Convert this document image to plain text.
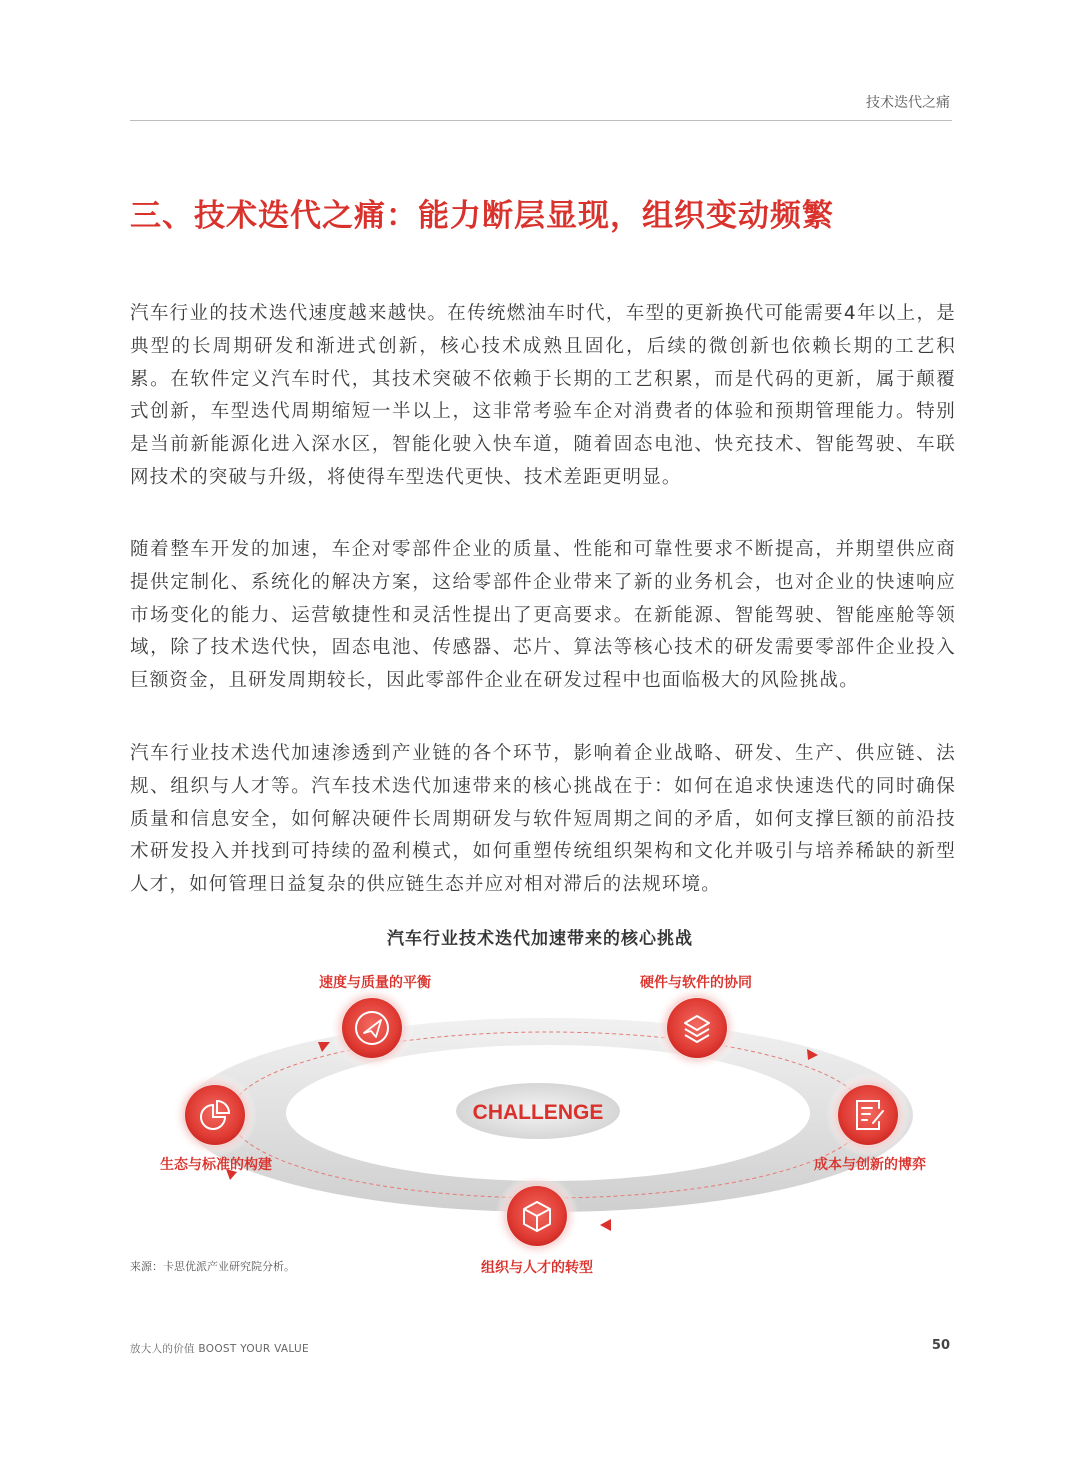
技术迭代之痛
三、技术迭代之痛：能力断层显现，组织变动频繁

汽车行业的技术迭代速度越来越快。在传统燃油车时代，车型的更新换代可能需要4年以上，是典型的长周期研发和渐进式创新，核心技术成熟且固化，后续的微创新也依赖长期的工艺积累。在软件定义汽车时代，其技术突破不依赖于长期的工艺积累，而是代码的更新，属于颠覆式创新，车型迭代周期缩短一半以上，这非常考验车企对消费者的体验和预期管理能力。特别是当前新能源化进入深水区，智能化驶入快车道，随着固态电池、快充技术、智能驾驶、车联网技术的突破与升级，将使得车型迭代更快、技术差距更明显。

随着整车开发的加速，车企对零部件企业的质量、性能和可靠性要求不断提高，并期望供应商提供定制化、系统化的解决方案，这给零部件企业带来了新的业务机会，也对企业的快速响应市场变化的能力、运营敏捷性和灵活性提出了更高要求。在新能源、智能驾驶、智能座舱等领域，除了技术迭代快，固态电池、传感器、芯片、算法等核心技术的研发需要零部件企业投入巨额资金，且研发周期较长，因此零部件企业在研发过程中也面临极大的风险挑战。

汽车行业技术迭代加速渗透到产业链的各个环节，影响着企业战略、研发、生产、供应链、法规、组织与人才等。汽车技术迭代加速带来的核心挑战在于：如何在追求快速迭代的同时确保质量和信息安全，如何解决硬件长周期研发与软件短周期之间的矛盾，如何支撑巨额的前沿技术研发投入并找到可持续的盈利模式，如何重塑传统组织架构和文化并吸引与培养稀缺的新型人才，如何管理日益复杂的供应链生态并应对相对滞后的法规环境。

汽车行业技术迭代加速带来的核心挑战
CHALLENGE
速度与质量的平衡	硬件与软件的协同
成本与创新的博弈
组织与人才的转型
生态与标准的构建
来源：卡思优派产业研究院分析。
放大人的价值 BOOST YOUR VALUE	50
